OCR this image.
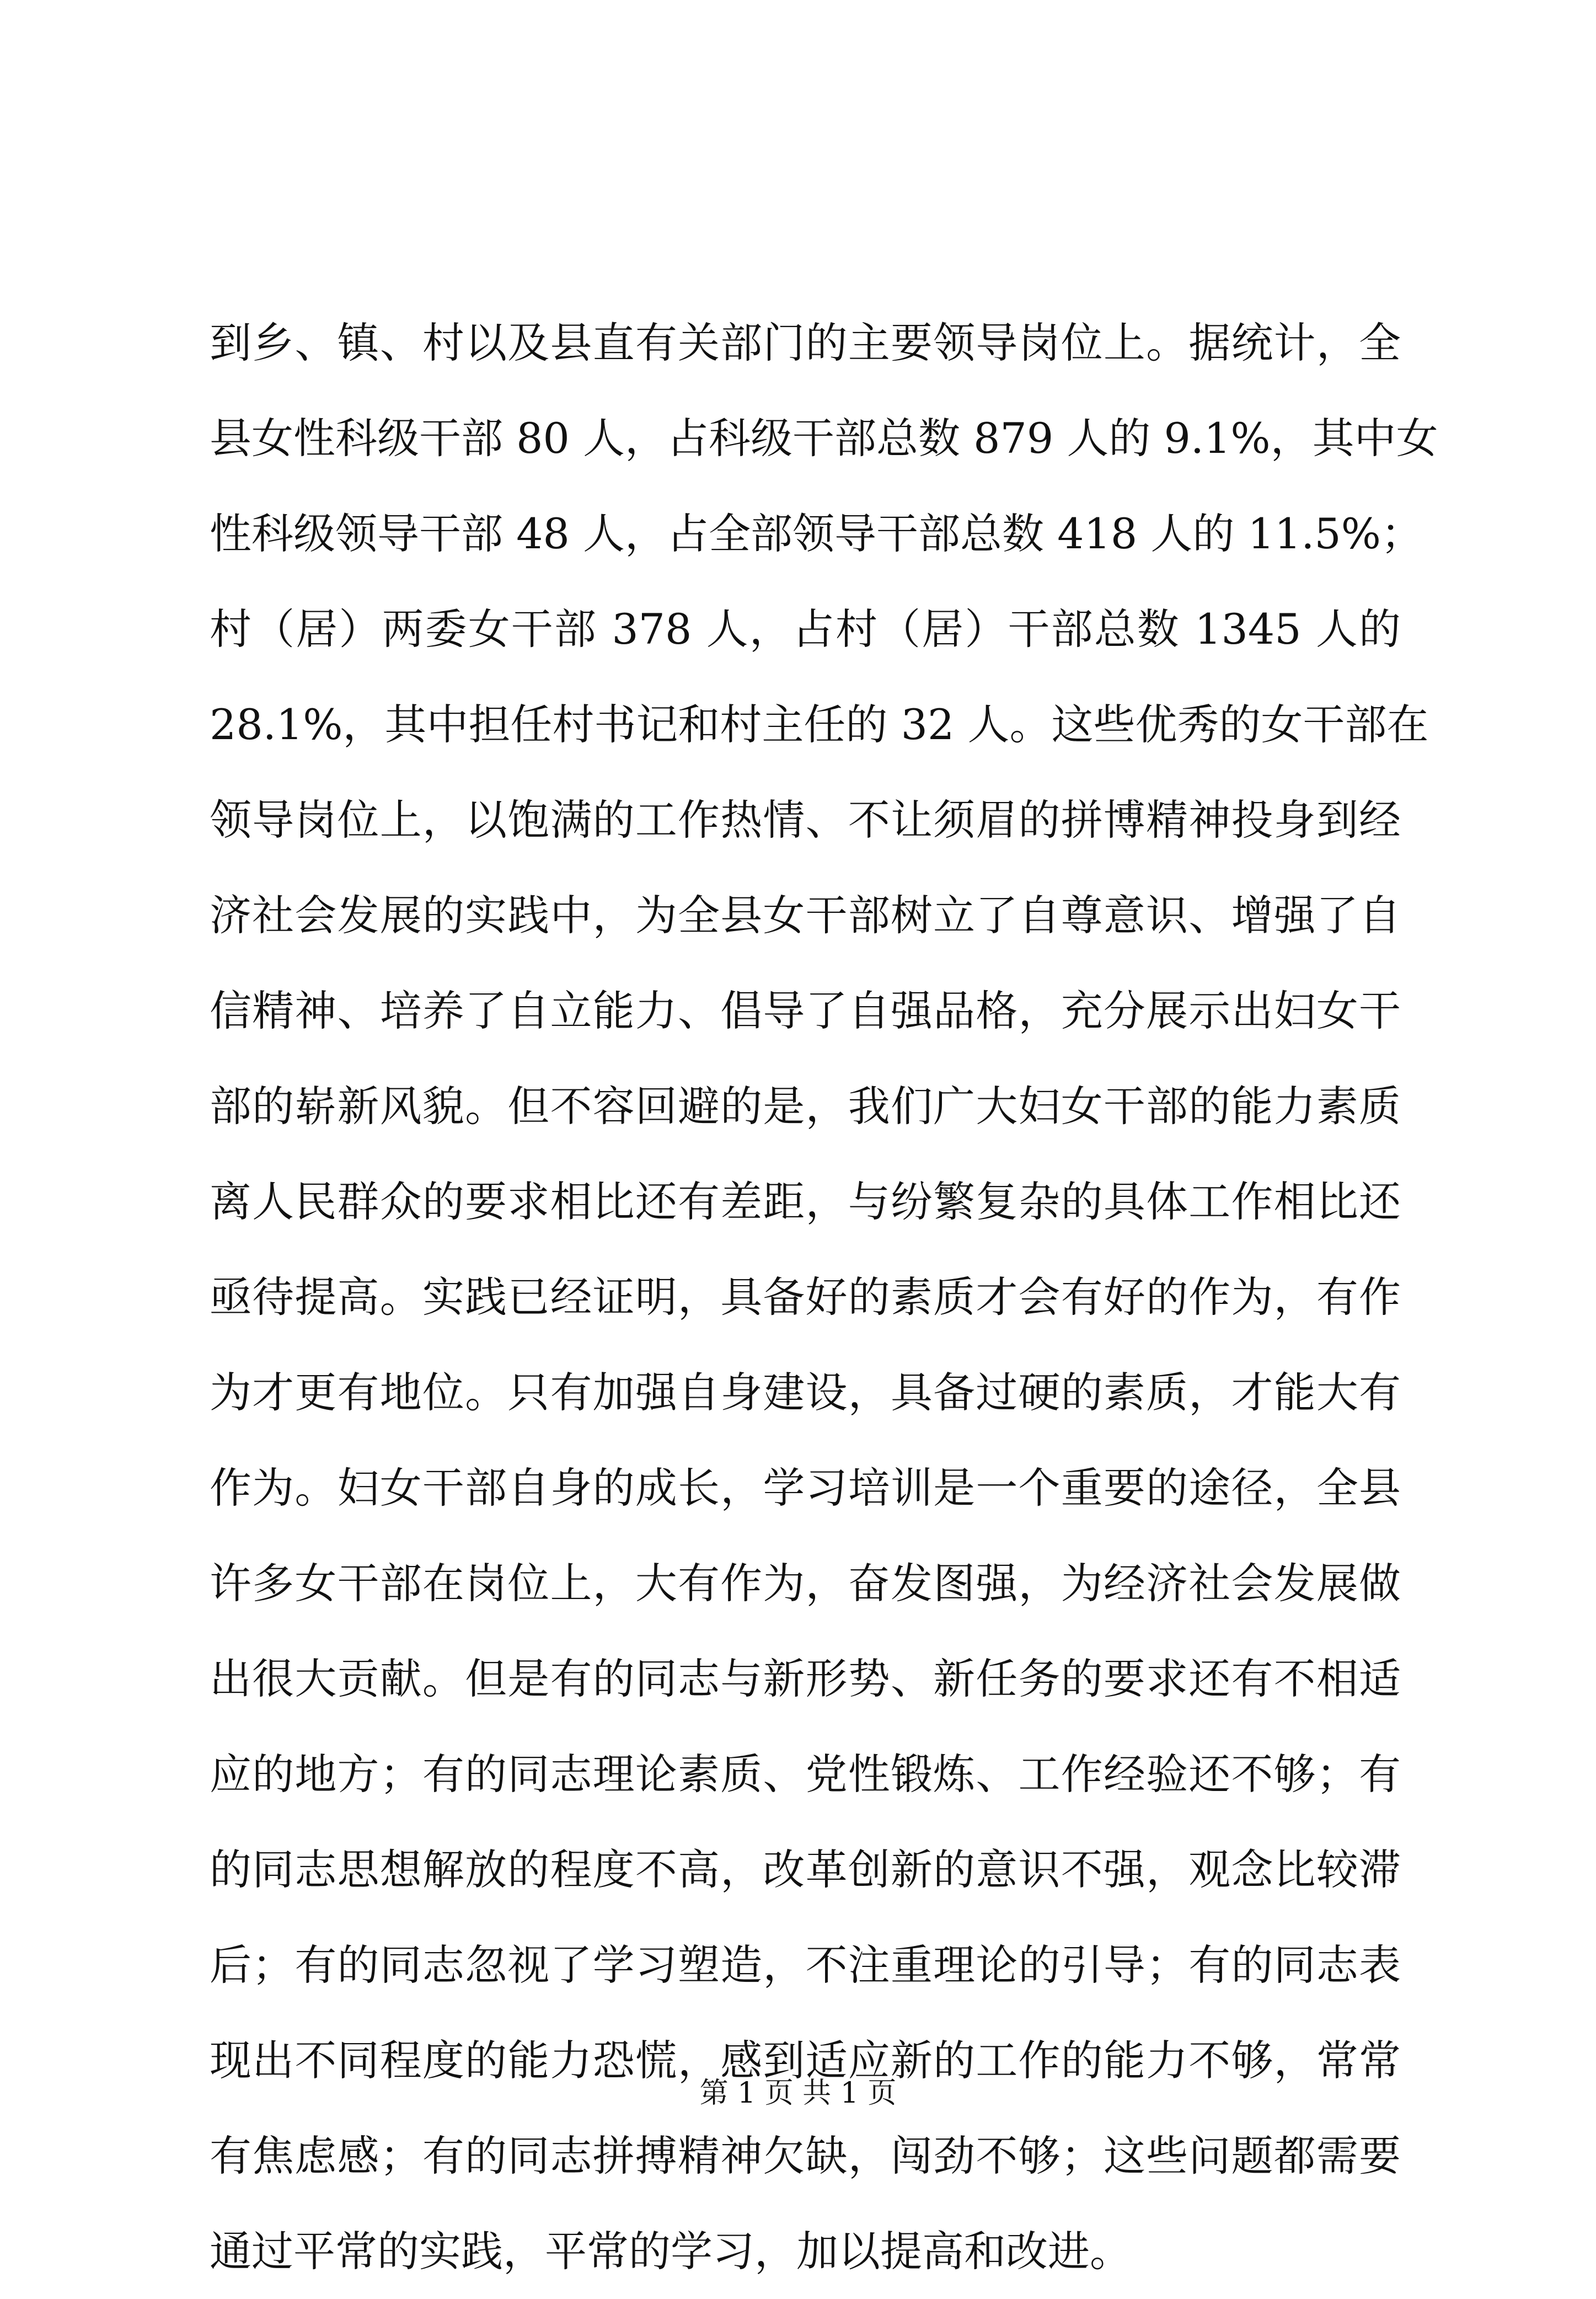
到乡、镇、村以及县直有关部门的主要领导岗位上。据统计，全
县女性科级干部 80 人，占科级干部总数 879 人的 9.1%，其中女
性科级领导干部 48 人，占全部领导干部总数 418 人的 11.5%；
村（居）两委女干部 378 人，占村（居）干部总数 1345 人的
28.1%，其中担任村书记和村主任的 32 人。这些优秀的女干部在
领导岗位上，以饱满的工作热情、不让须眉的拼博精神投身到经
济社会发展的实践中，为全县女干部树立了自尊意识、增强了自
信精神、培养了自立能力、倡导了自强品格，充分展示出妇女干
部的崭新风貌。但不容回避的是，我们广大妇女干部的能力素质
离人民群众的要求相比还有差距，与纷繁复杂的具体工作相比还
亟待提高。实践已经证明，具备好的素质才会有好的作为，有作
为才更有地位。只有加强自身建设，具备过硬的素质，才能大有
作为。妇女干部自身的成长，学习培训是一个重要的途径，全县
许多女干部在岗位上，大有作为，奋发图强，为经济社会发展做
出很大贡献。但是有的同志与新形势、新任务的要求还有不相适
应的地方；有的同志理论素质、党性锻炼、工作经验还不够；有
的同志思想解放的程度不高，改革创新的意识不强，观念比较滞
后；有的同志忽视了学习塑造，不注重理论的引导；有的同志表
现出不同程度的能力恐慌，感到适应新的工作的能力不够，常常
有焦虑感；有的同志拼搏精神欠缺，闯劲不够；这些问题都需要
通过平常的实践，平常的学习，加以提高和改进。
第 1 页 共 1 页
